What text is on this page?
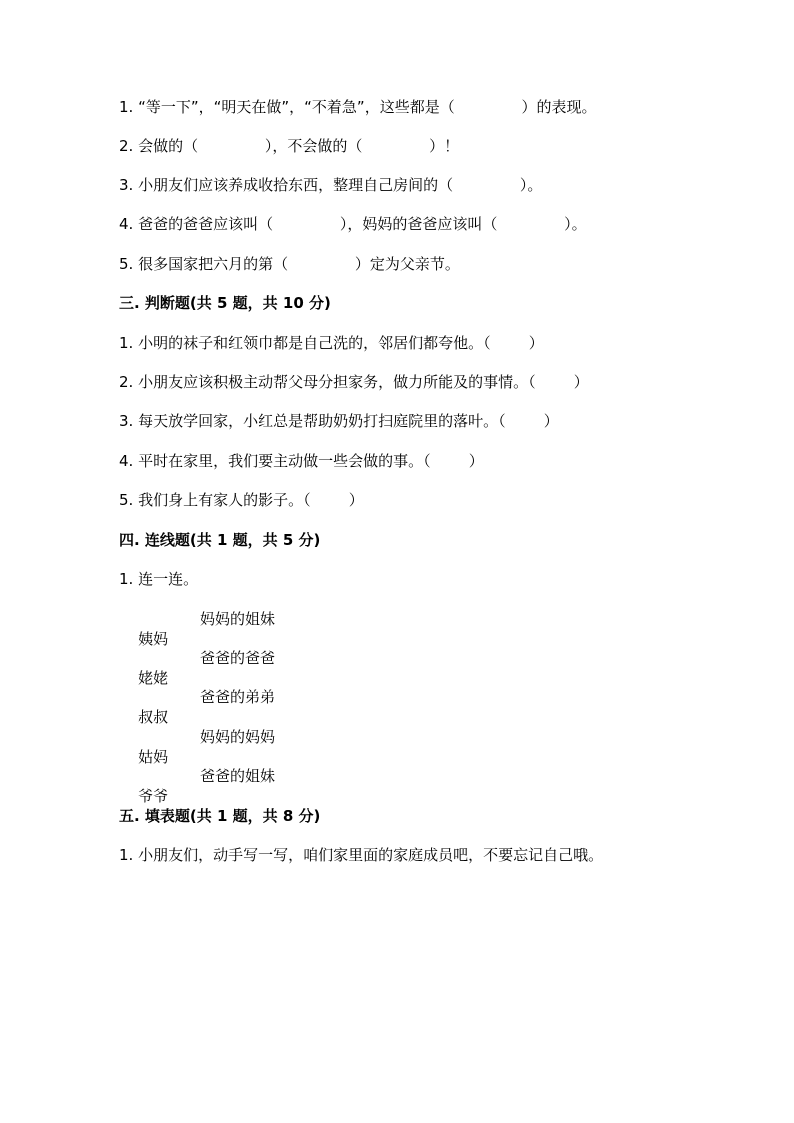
1. “等一下”，“明天在做”，“不着急”，这些都是（              ）的表现。
2. 会做的（              ），不会做的（              ）！
3. 小朋友们应该养成收拾东西，整理自己房间的（              ）。
4. 爸爸的爸爸应该叫（              ），妈妈的爸爸应该叫（              ）。
5. 很多国家把六月的第（              ）定为父亲节。
三. 判断题(共 5 题，共 10 分)
1. 小明的袜子和红领巾都是自己洗的，邻居们都夸他。（        ）
2. 小朋友应该积极主动帮父母分担家务，做力所能及的事情。（        ）
3. 每天放学回家，小红总是帮助奶奶打扫庭院里的落叶。（        ）
4. 平时在家里，我们要主动做一些会做的事。（        ）
5. 我们身上有家人的影子。（        ）
四. 连线题(共 1 题，共 5 分)
1. 连一连。

姨妈

妈妈的姐妹

姥姥

爸爸的爸爸

叔叔

爸爸的弟弟

姑妈

妈妈的妈妈

爷爷

爸爸的姐妹

五. 填表题(共 1 题，共 8 分)
1. 小朋友们，动手写一写，咱们家里面的家庭成员吧，不要忘记自己哦。
